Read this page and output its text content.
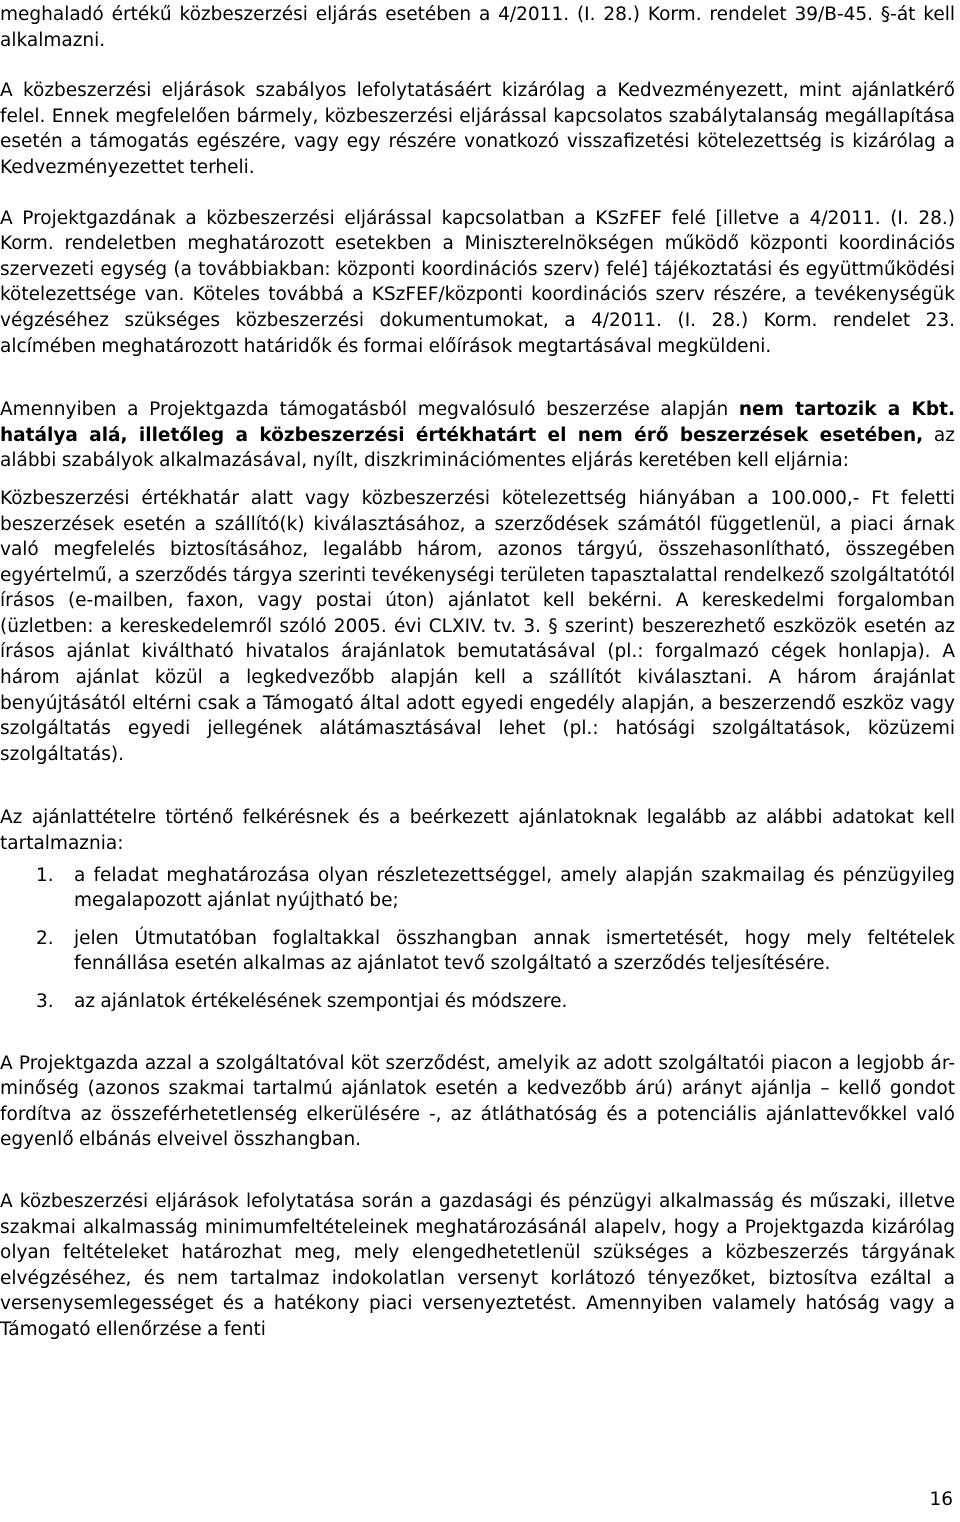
meghaladó értékű közbeszerzési eljárás esetében a 4/2011. (I. 28.) Korm. rendelet 39/B-45. §-át kell alkalmazni.

A közbeszerzési eljárások szabályos lefolytatásáért kizárólag a Kedvezményezett, mint ajánlatkérő felel. Ennek megfelelően bármely, közbeszerzési eljárással kapcsolatos szabálytalanság megállapítása esetén a támogatás egészére, vagy egy részére vonatkozó visszafizetési kötelezettség is kizárólag a Kedvezményezettet terheli.

A Projektgazdának a közbeszerzési eljárással kapcsolatban a KSzFEF felé [illetve a 4/2011. (I. 28.) Korm. rendeletben meghatározott esetekben a Miniszterelnökségen működő központi koordinációs szervezeti egység (a továbbiakban: központi koordinációs szerv) felé] tájékoztatási és együttműködési kötelezettsége van. Köteles továbbá a KSzFEF/központi koordinációs szerv részére, a tevékenységük végzéséhez szükséges közbeszerzési dokumentumokat, a 4/2011. (I. 28.) Korm. rendelet 23. alcímében meghatározott határidők és formai előírások megtartásával megküldeni.

Amennyiben a Projektgazda támogatásból megvalósuló beszerzése alapján nem tartozik a Kbt. hatálya alá, illetőleg a közbeszerzési értékhatárt el nem érő beszerzések esetében, az alábbi szabályok alkalmazásával, nyílt, diszkriminációmentes eljárás keretében kell eljárnia:

Közbeszerzési értékhatár alatt vagy közbeszerzési kötelezettség hiányában a 100.000,- Ft feletti beszerzések esetén a szállító(k) kiválasztásához, a szerződések számától függetlenül, a piaci árnak való megfelelés biztosításához, legalább három, azonos tárgyú, összehasonlítható, összegében egyértelmű, a szerződés tárgya szerinti tevékenységi területen tapasztalattal rendelkező szolgáltatótól írásos (e-mailben, faxon, vagy postai úton) ajánlatot kell bekérni. A kereskedelmi forgalomban (üzletben: a kereskedelemről szóló 2005. évi CLXIV. tv. 3. § szerint) beszerezhető eszközök esetén az írásos ajánlat kiváltható hivatalos árajánlatok bemutatásával (pl.: forgalmazó cégek honlapja). A három ajánlat közül a legkedvezőbb alapján kell a szállítót kiválasztani. A három árajánlat benyújtásától eltérni csak a Támogató által adott egyedi engedély alapján, a beszerzendő eszköz vagy szolgáltatás egyedi jellegének alátámasztásával lehet (pl.: hatósági szolgáltatások, közüzemi szolgáltatás).

Az ajánlattételre történő felkérésnek és a beérkezett ajánlatoknak legalább az alábbi adatokat kell tartalmaznia:

1. a feladat meghatározása olyan részletezettséggel, amely alapján szakmailag és pénzügyileg megalapozott ajánlat nyújtható be;
2. jelen Útmutatóban foglaltakkal összhangban annak ismertetését, hogy mely feltételek fennállása esetén alkalmas az ajánlatot tevő szolgáltató a szerződés teljesítésére.
3. az ajánlatok értékelésének szempontjai és módszere.

A Projektgazda azzal a szolgáltatóval köt szerződést, amelyik az adott szolgáltatói piacon a legjobb ár-minőség (azonos szakmai tartalmú ajánlatok esetén a kedvezőbb árú) arányt ajánlja – kellő gondot fordítva az összeférhetetlenség elkerülésére -, az átláthatóság és a potenciális ajánlattevőkkel való egyenlő elbánás elveivel összhangban.

A közbeszerzési eljárások lefolytatása során a gazdasági és pénzügyi alkalmasság és műszaki, illetve szakmai alkalmasság minimumfeltételeinek meghatározásánál alapelv, hogy a Projektgazda kizárólag olyan feltételeket határozhat meg, mely elengedhetetlenül szükséges a közbeszerzés tárgyának elvégzéséhez, és nem tartalmaz indokolatlan versenyt korlátozó tényezőket, biztosítva ezáltal a versenysemlegességet és a hatékony piaci versenyeztetést. Amennyiben valamely hatóság vagy a Támogató ellenőrzése a fenti

16
